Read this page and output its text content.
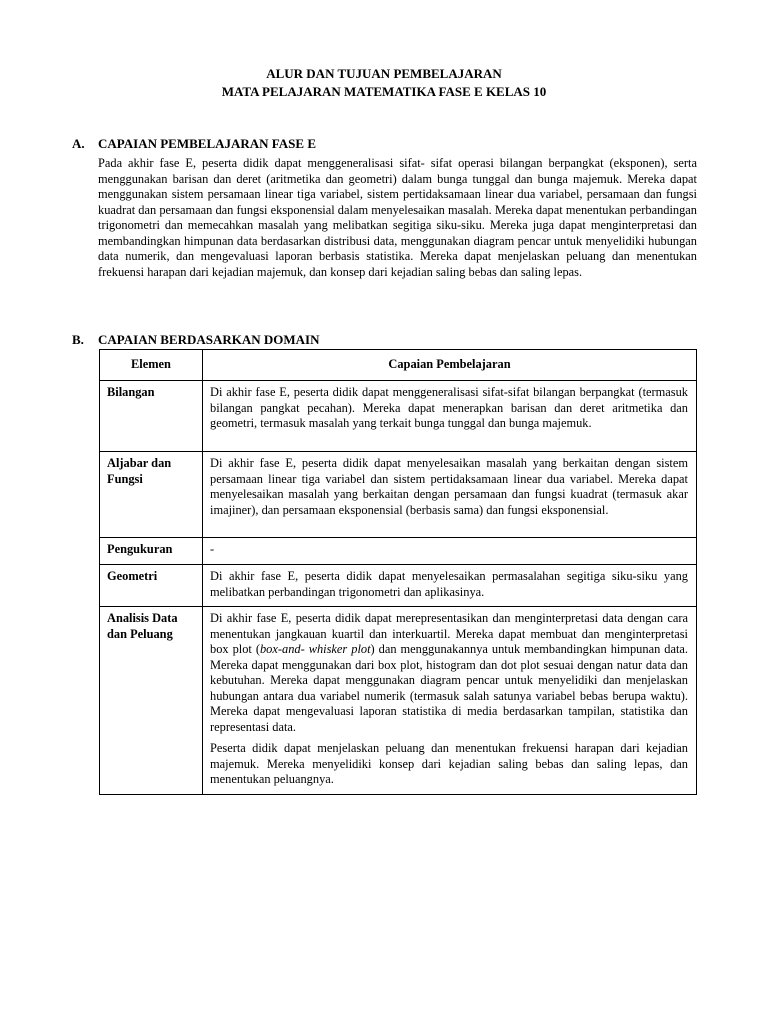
ALUR DAN TUJUAN PEMBELAJARAN
MATA PELAJARAN MATEMATIKA FASE E KELAS 10
A. CAPAIAN PEMBELAJARAN FASE E

Pada akhir fase E, peserta didik dapat menggeneralisasi sifat- sifat operasi bilangan berpangkat (eksponen), serta menggunakan barisan dan deret (aritmetika dan geometri) dalam bunga tunggal dan bunga majemuk. Mereka dapat menggunakan sistem persamaan linear tiga variabel, sistem pertidaksamaan linear dua variabel, persamaan dan fungsi kuadrat dan persamaan dan fungsi eksponensial dalam menyelesaikan masalah. Mereka dapat menentukan perbandingan trigonometri dan memecahkan masalah yang melibatkan segitiga siku-siku. Mereka juga dapat menginterpretasi dan membandingkan himpunan data berdasarkan distribusi data, menggunakan diagram pencar untuk menyelidiki hubungan data numerik, dan mengevaluasi laporan berbasis statistika. Mereka dapat menjelaskan peluang dan menentukan frekuensi harapan dari kejadian majemuk, dan konsep dari kejadian saling bebas dan saling lepas.

B. CAPAIAN BERDASARKAN DOMAIN
Elemen	Capaian Pembelajaran
Bilangan	Di akhir fase E, peserta didik dapat menggeneralisasi sifat-sifat bilangan berpangkat (termasuk bilangan pangkat pecahan). Mereka dapat menerapkan barisan dan deret aritmetika dan geometri, termasuk masalah yang terkait bunga tunggal dan bunga majemuk.

Aljabar dan Fungsi	Di akhir fase E, peserta didik dapat menyelesaikan masalah yang berkaitan dengan sistem persamaan linear tiga variabel dan sistem pertidaksamaan linear dua variabel. Mereka dapat menyelesaikan masalah yang berkaitan dengan persamaan dan fungsi kuadrat (termasuk akar imajiner), dan persamaan eksponensial (berbasis sama) dan fungsi eksponensial.

Pengukuran	-

Geometri	Di akhir fase E, peserta didik dapat menyelesaikan permasalahan segitiga siku-siku yang melibatkan perbandingan trigonometri dan aplikasinya.

Analisis Data dan Peluang	Di akhir fase E, peserta didik dapat merepresentasikan dan menginterpretasi data dengan cara menentukan jangkauan kuartil dan interkuartil. Mereka dapat membuat dan menginterpretasi box plot (box-and- whisker plot) dan menggunakannya untuk membandingkan himpunan data. Mereka dapat menggunakan dari box plot, histogram dan dot plot sesuai dengan natur data dan kebutuhan. Mereka dapat menggunakan diagram pencar untuk menyelidiki dan menjelaskan hubungan antara dua variabel numerik (termasuk salah satunya variabel bebas berupa waktu). Mereka dapat mengevaluasi laporan statistika di media berdasarkan tampilan, statistika dan representasi data.

Peserta didik dapat menjelaskan peluang dan menentukan frekuensi harapan dari kejadian majemuk. Mereka menyelidiki konsep dari kejadian saling bebas dan saling lepas, dan menentukan peluangnya.
